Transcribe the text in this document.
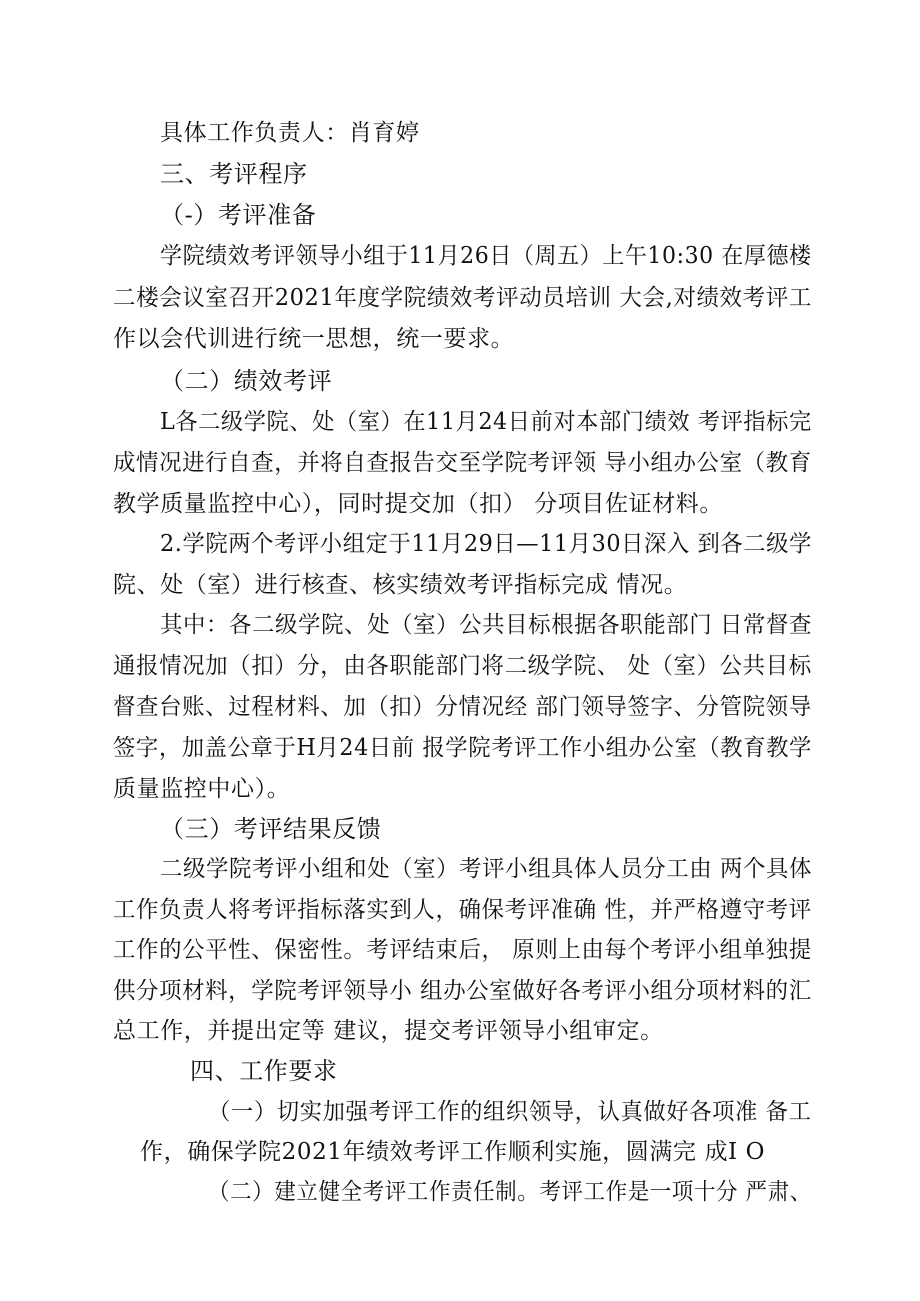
具体工作负责人：肖育婷
三、考评程序
（-）考评准备
学院绩效考评领导小组于11月26日（周五）上午10:30 在厚德楼
二楼会议室召开2021年度学院绩效考评动员培训 大会,对绩效考评工
作以会代训进行统一思想，统一要求。
（二）绩效考评
L各二级学院、处（室）在11月24日前对本部门绩效 考评指标完
成情况进行自查，并将自查报告交至学院考评领 导小组办公室（教育
教学质量监控中心），同时提交加（扣） 分项目佐证材料。
2.学院两个考评小组定于11月29日—11月30日深入 到各二级学
院、处（室）进行核查、核实绩效考评指标完成 情况。
其中：各二级学院、处（室）公共目标根据各职能部门 日常督查
通报情况加（扣）分，由各职能部门将二级学院、 处（室）公共目标
督查台账、过程材料、加（扣）分情况经 部门领导签字、分管院领导
签字，加盖公章于H月24日前 报学院考评工作小组办公室（教育教学
质量监控中心）。
（三）考评结果反馈
二级学院考评小组和处（室）考评小组具体人员分工由 两个具体
工作负责人将考评指标落实到人，确保考评准确 性，并严格遵守考评
工作的公平性、保密性。考评结束后， 原则上由每个考评小组单独提
供分项材料，学院考评领导小 组办公室做好各考评小组分项材料的汇
总工作，并提出定等 建议，提交考评领导小组审定。
四、工作要求
（一）切实加强考评工作的组织领导，认真做好各项准 备工
作，确保学院2021年绩效考评工作顺利实施，圆满完 成I O
（二）建立健全考评工作责任制。考评工作是一项十分 严肃、
